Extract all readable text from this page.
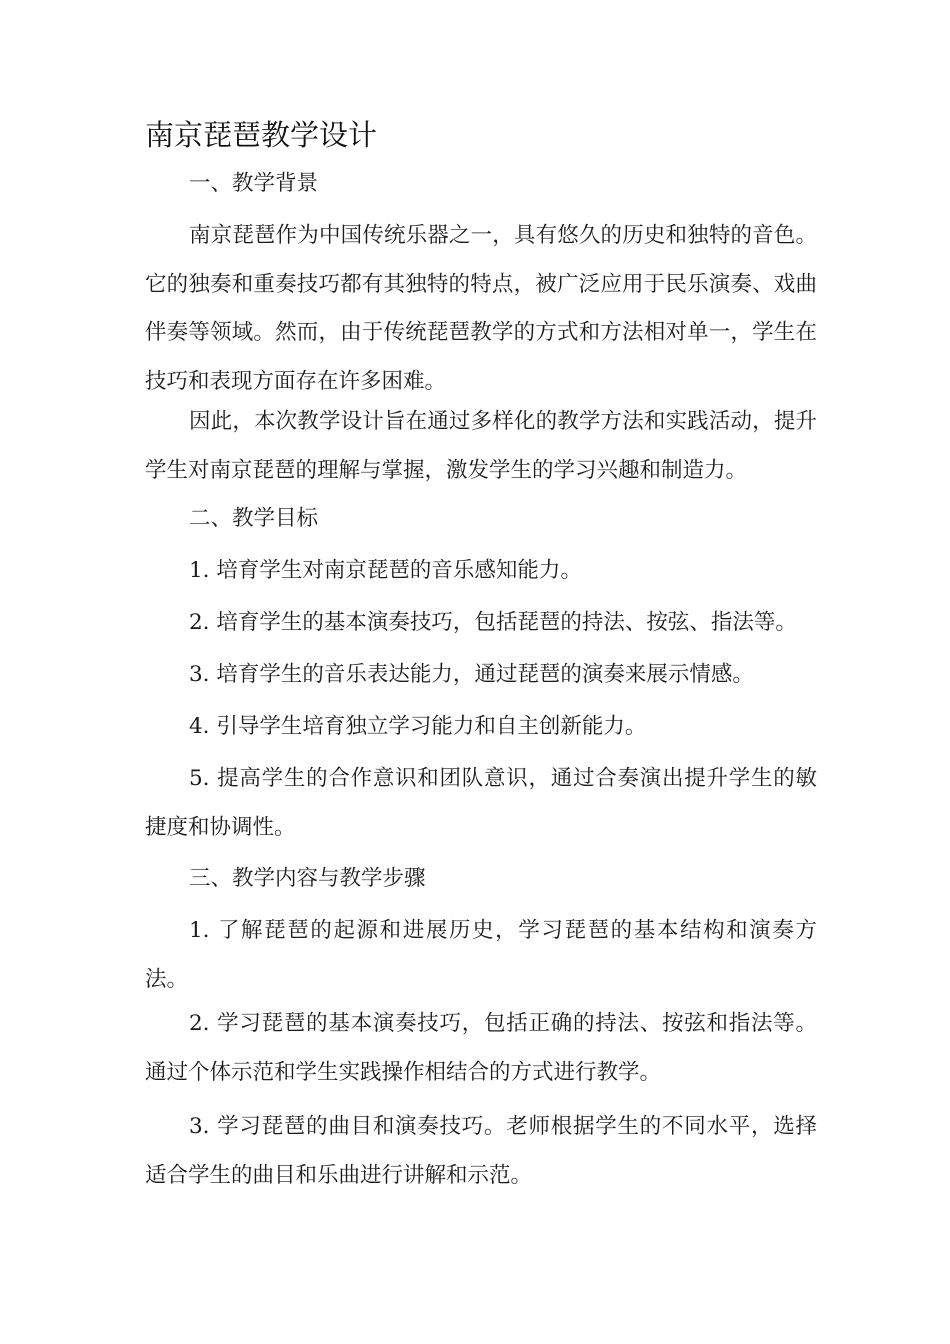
南京琵琶教学设计

一、教学背景

南京琵琶作为中国传统乐器之一，具有悠久的历史和独特的音色。它的独奏和重奏技巧都有其独特的特点，被广泛应用于民乐演奏、戏曲伴奏等领域。然而，由于传统琵琶教学的方式和方法相对单一，学生在技巧和表现方面存在许多困难。

因此，本次教学设计旨在通过多样化的教学方法和实践活动，提升学生对南京琵琶的理解与掌握，激发学生的学习兴趣和制造力。

二、教学目标

1. 培育学生对南京琵琶的音乐感知能力。

2. 培育学生的基本演奏技巧，包括琵琶的持法、按弦、指法等。

3. 培育学生的音乐表达能力，通过琵琶的演奏来展示情感。

4. 引导学生培育独立学习能力和自主创新能力。

5. 提高学生的合作意识和团队意识，通过合奏演出提升学生的敏捷度和协调性。

三、教学内容与教学步骤

1. 了解琵琶的起源和进展历史，学习琵琶的基本结构和演奏方法。

2. 学习琵琶的基本演奏技巧，包括正确的持法、按弦和指法等。通过个体示范和学生实践操作相结合的方式进行教学。

3. 学习琵琶的曲目和演奏技巧。老师根据学生的不同水平，选择适合学生的曲目和乐曲进行讲解和示范。
